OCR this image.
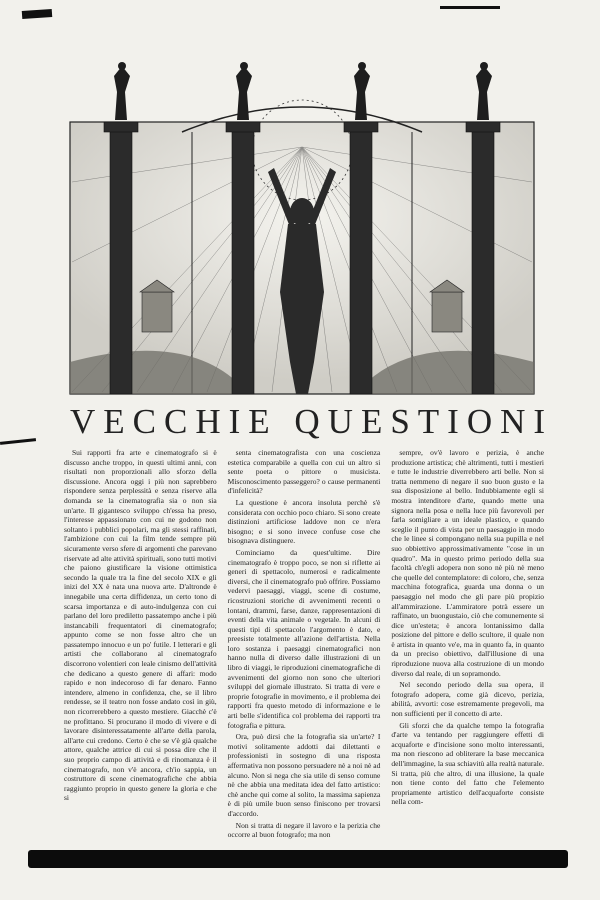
VECCHIE QUESTIONI

Sui rapporti fra arte e cinematografo si è discusso anche troppo, in questi ultimi anni, con risultati non proporzionali allo sforzo della discussione. Ancora oggi i più non saprebbero rispondere senza perplessità e senza riserve alla domanda se la cinematografia sia o non sia un'arte. Il gigantesco sviluppo ch'essa ha preso, l'interesse appassionato con cui ne godono non soltanto i pubblici popolari, ma gli stessi raffinati, l'ambizione con cui la film tende sempre più sicuramente verso sfere di argomenti che parevano riservate ad alte attività spirituali, sono tutti motivi che paiono giustificare la visione ottimistica secondo la quale tra la fine del secolo XIX e gli inizi del XX è nata una nuova arte. D'altronde è innegabile una certa diffidenza, un certo tono di scarsa importanza e di auto-indulgenza con cui parlano del loro prediletto passatempo anche i più instancabili frequentatori di cinematografo; appunto come se non fosse altro che un passatempo innocuo e un po' futile. I letterari e gli artisti che collaborano al cinematografo discorrono volentieri con leale cinismo dell'attività che dedicano a questo genere di affari: modo rapido e non indecoroso di far denaro. Fanno intendere, almeno in confidenza, che, se il libro rendesse, se il teatro non fosse andato così in giù, non ricorrerebbero a questo mestiere. Giacchè c'è ne profittano. Si procurano il modo di vivere e di lavorare disinteressatamente all'arte della parola, all'arte cui credono. Certo è che se v'è già qualche attore, qualche attrice di cui si possa dire che il suo proprio campo di attività e di rinomanza è il cinematografo, non v'è ancora, ch'io sappia, un costruttore di scene cinematografiche che abbia raggiunto proprio in questo genere la gloria e che si

senta cinematografista con una coscienza estetica comparabile a quella con cui un altro si sente poeta o pittore o musicista. Misconoscimento passeggero? o cause permanenti d'infelicità?

La questione è ancora insoluta perchè s'è considerata con occhio poco chiaro. Si sono create distinzioni artificiose laddove non ce n'era bisogno; e si sono invece confuse cose che bisognava distinguere.

Cominciamo da quest'ultime. Dire cinematografo è troppo poco, se non si riflette ai generi di spettacolo, numerosi e radicalmente diversi, che il cinematografo può offrire. Possiamo vedervi paesaggi, viaggi, scene di costume, ricostruzioni storiche di avvenimenti recenti o lontani, drammi, farse, danze, rappresentazioni di eventi della vita animale o vegetale. In alcuni di questi tipi di spettacolo l'argomento è dato, e preesiste totalmente all'azione dell'artista. Nella loro sostanza i paesaggi cinematografici non hanno nulla di diverso dalle illustrazioni di un libro di viaggi, le riproduzioni cinematografiche di avvenimenti del giorno non sono che ulteriori sviluppi del giornale illustrato. Si tratta di vere e proprie fotografie in movimento, e il problema dei rapporti fra questo metodo di informazione e le arti belle s'identifica col problema dei rapporti tra fotografia e pittura.

Ora, può dirsi che la fotografia sia un'arte? I motivi solitamente addotti dai dilettanti e professionisti in sostegno di una risposta affermativa non possono persuadere nè a noi nè ad alcuno. Non si nega che sia utile di senso comune nè che abbia una meditata idea del fatto artistico: chè anche qui come al solito, la massima sapienza è di più umile buon senso finiscono per trovarsi d'accordo.

Non si tratta di negare il lavoro e la perizia che occorre al buon fotografo; ma non

sempre, ov'è lavoro e perizia, è anche produzione artistica; chè altrimenti, tutti i mestieri e tutte le industrie diverrebbero arti belle. Non si tratta nemmeno di negare il suo buon gusto e la sua disposizione al bello. Indubbiamente egli si mostra intenditore d'arte, quando mette una signora nella posa e nella luce più favorevoli per farla somigliare a un ideale plastico, e quando sceglie il punto di vista per un paesaggio in modo che le linee si compongano nella sua pupilla e nel suo obbiettivo approssimativamente "cose in un quadro". Ma in questo primo periodo della sua facoltà ch'egli adopera non sono nè più nè meno che quelle del contemplatore: di coloro, che, senza macchina fotografica, guarda una donna o un paesaggio nel modo che gli pare più propizio all'ammirazione. L'ammiratore potrà essere un raffinato, un buongustaio, ciò che comunemente si dice un'esteta; è ancora lontanissimo dalla posizione del pittore e dello scultore, il quale non è artista in quanto ve'e, ma in quanto fa, in quanto da un preciso obiettivo, dall'illusione di una riproduzione nuova alla costruzione di un mondo diverso dal reale, di un sopramondo.

Nel secondo periodo della sua opera, il fotografo adopera, come già dicevo, perizia, abilità, avvorti: cose estremamente pregevoli, ma non sufficienti per il concetto di arte.

Gli sforzi che da qualche tempo la fotografia d'arte va tentando per raggiungere effetti di acquaforte e d'incisione sono molto interessanti, ma non riescono ad obliterare la base meccanica dell'immagine, la sua schiavitù alla realtà naturale. Si tratta, più che altro, di una illusione, la quale non tiene conto del fatto che l'elemento propriamente artistico dell'acquaforte consiste nella com-
